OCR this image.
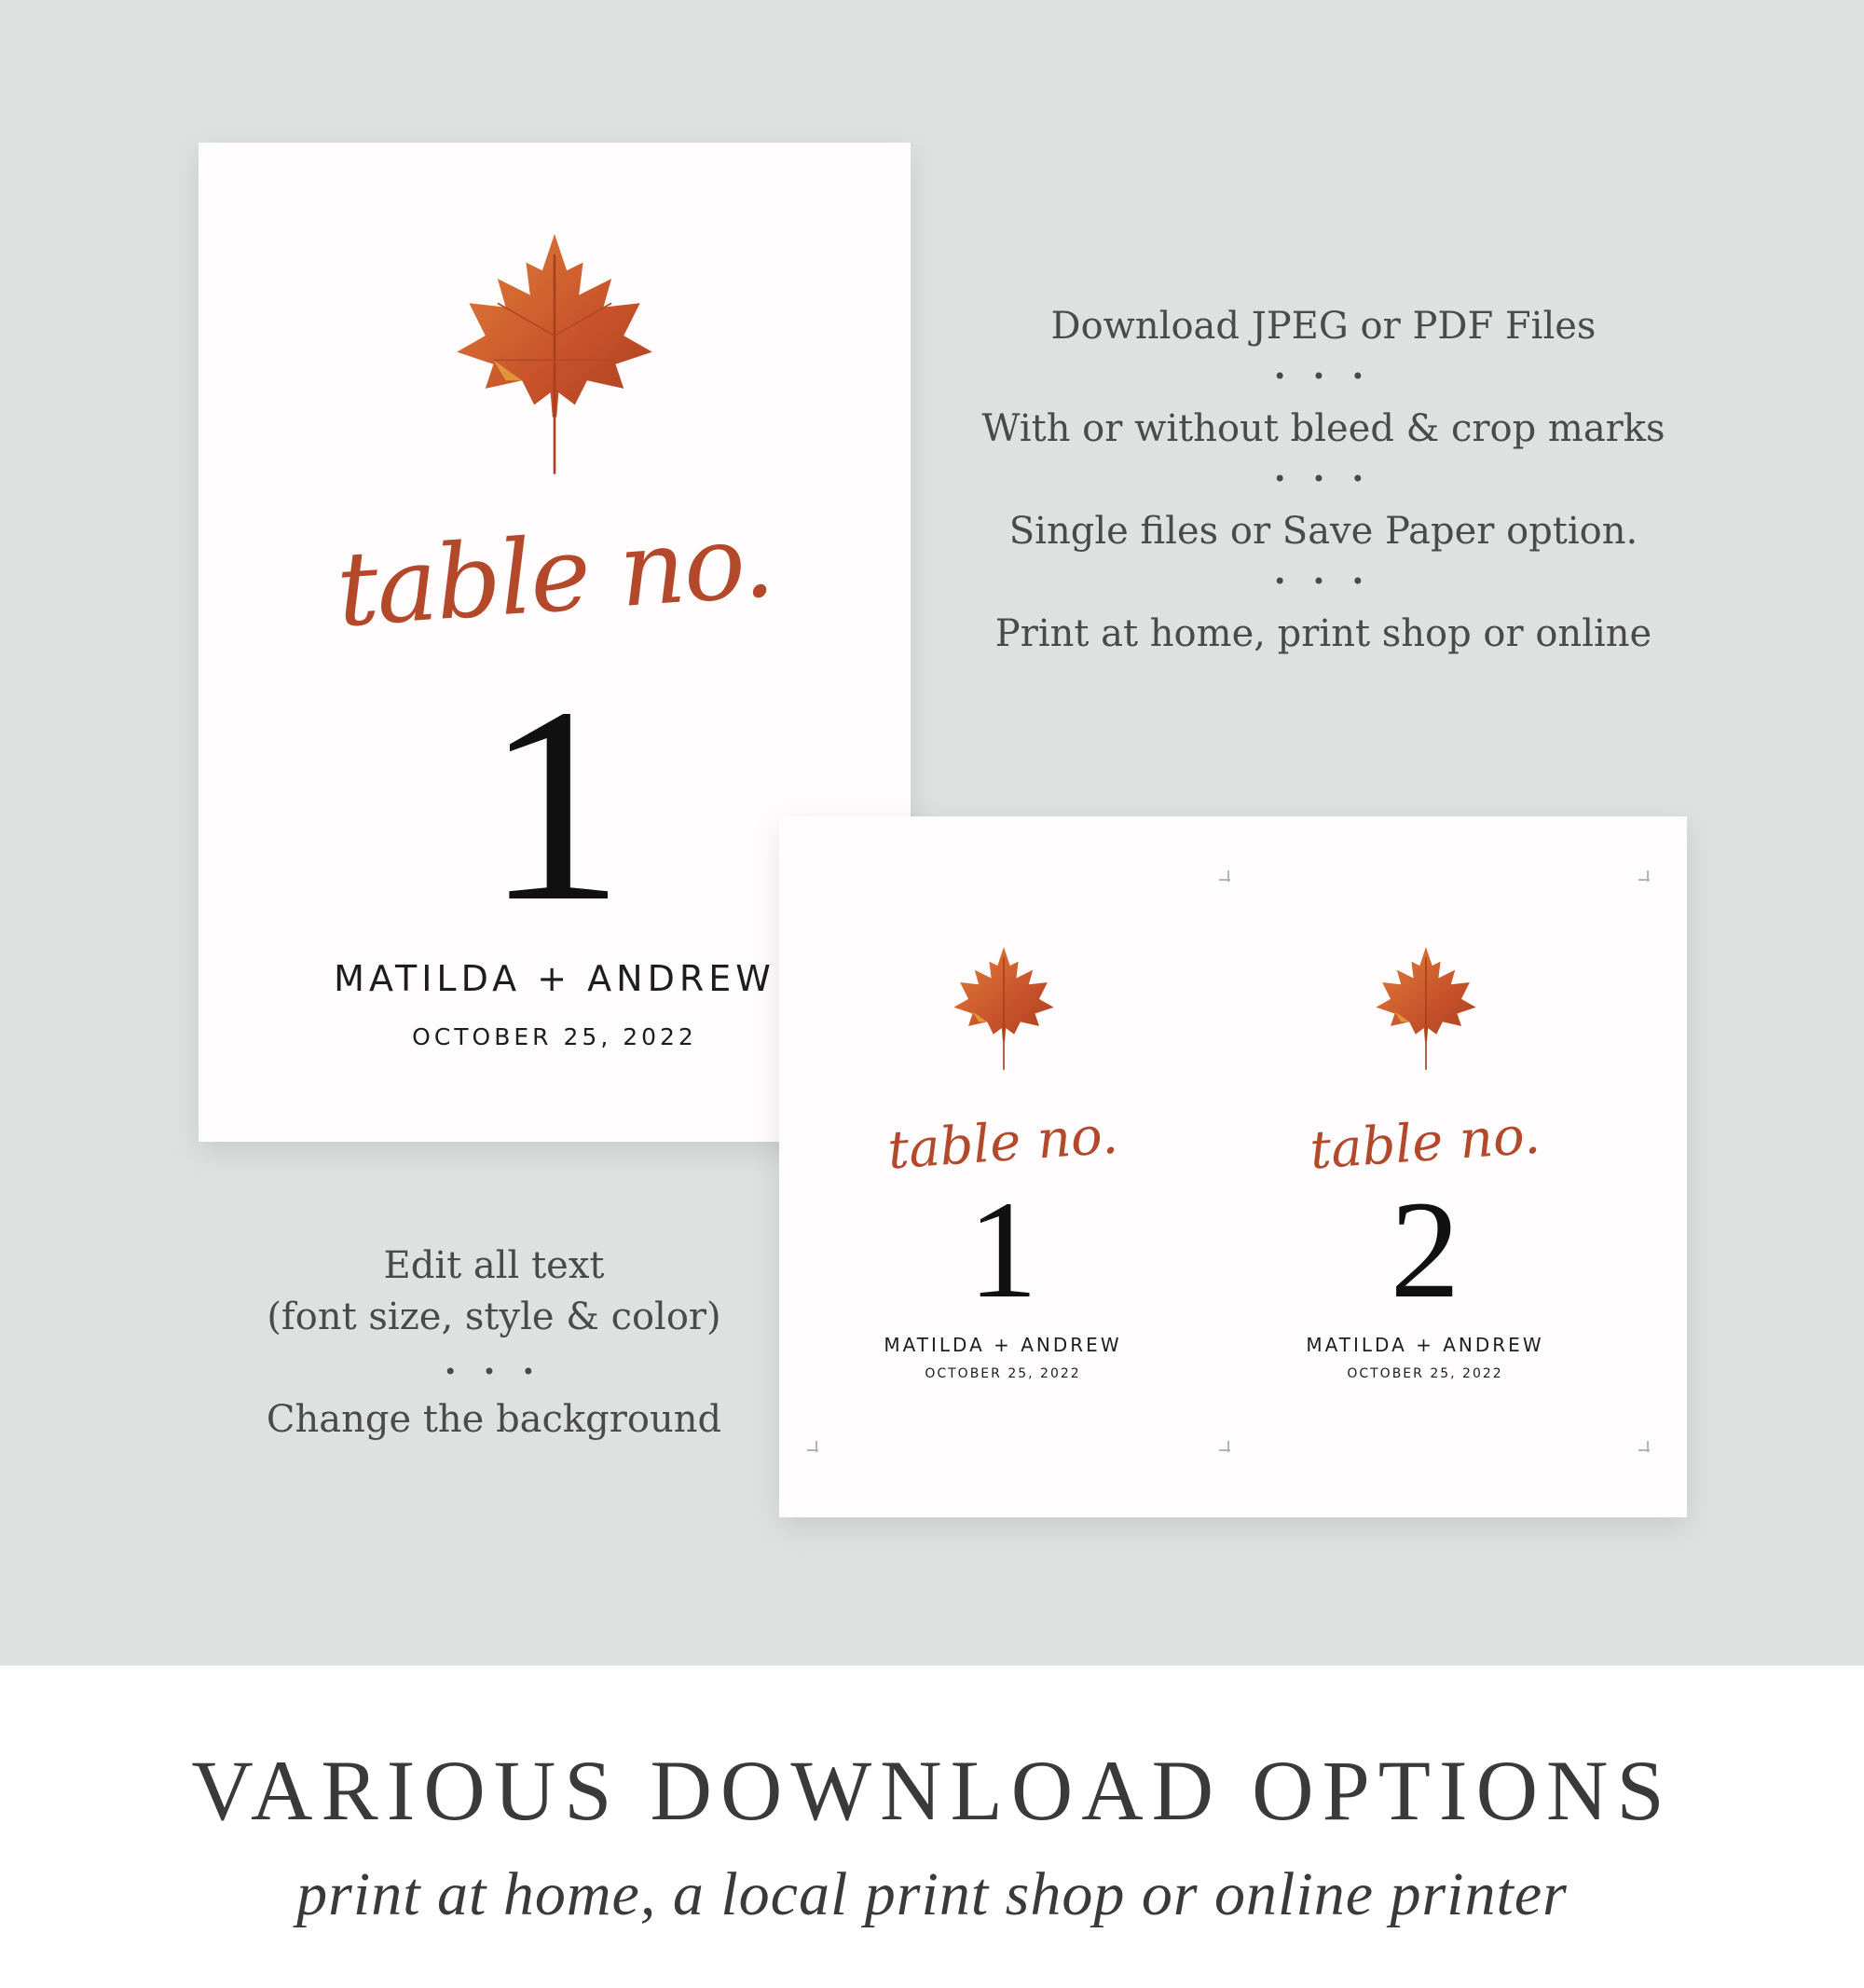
table no.
1
MATILDA + ANDREW
OCTOBER 25, 2022
table no.
1
MATILDA + ANDREW
OCTOBER 25, 2022
table no.
2
MATILDA + ANDREW
OCTOBER 25, 2022
Download JPEG or PDF Files
• • •
With or without bleed & crop marks
• • •
Single files or Save Paper option.
• • •
Print at home, print shop or online
Edit all text
(font size, style & color)
• • •
Change the background
VARIOUS DOWNLOAD OPTIONS
print at home, a local print shop or online printer
